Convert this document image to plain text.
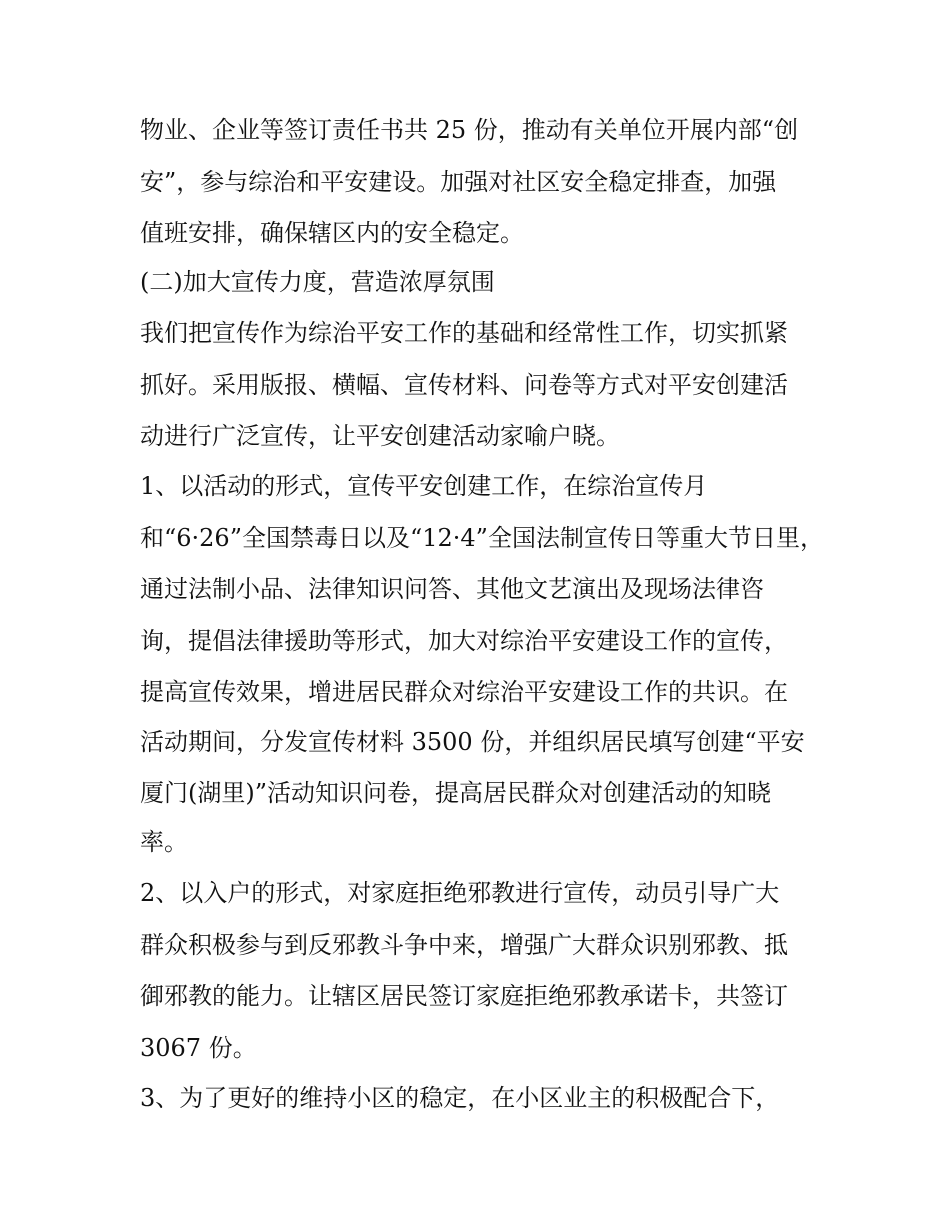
物业、企业等签订责任书共 25 份，推动有关单位开展内部“创
安”，参与综治和平安建设。加强对社区安全稳定排查，加强
值班安排，确保辖区内的安全稳定。
(二)加大宣传力度，营造浓厚氛围
我们把宣传作为综治平安工作的基础和经常性工作，切实抓紧
抓好。采用版报、横幅、宣传材料、问卷等方式对平安创建活
动进行广泛宣传，让平安创建活动家喻户晓。
1、以活动的形式，宣传平安创建工作，在综治宣传月
和“6·26”全国禁毒日以及“12·4”全国法制宣传日等重大节日里，
通过法制小品、法律知识问答、其他文艺演出及现场法律咨
询，提倡法律援助等形式，加大对综治平安建设工作的宣传，
提高宣传效果，增进居民群众对综治平安建设工作的共识。在
活动期间，分发宣传材料 3500 份，并组织居民填写创建“平安
厦门(湖里)”活动知识问卷，提高居民群众对创建活动的知晓
率。
2、以入户的形式，对家庭拒绝邪教进行宣传，动员引导广大
群众积极参与到反邪教斗争中来，增强广大群众识别邪教、抵
御邪教的能力。让辖区居民签订家庭拒绝邪教承诺卡，共签订
3067 份。
3、为了更好的维持小区的稳定，在小区业主的积极配合下，
